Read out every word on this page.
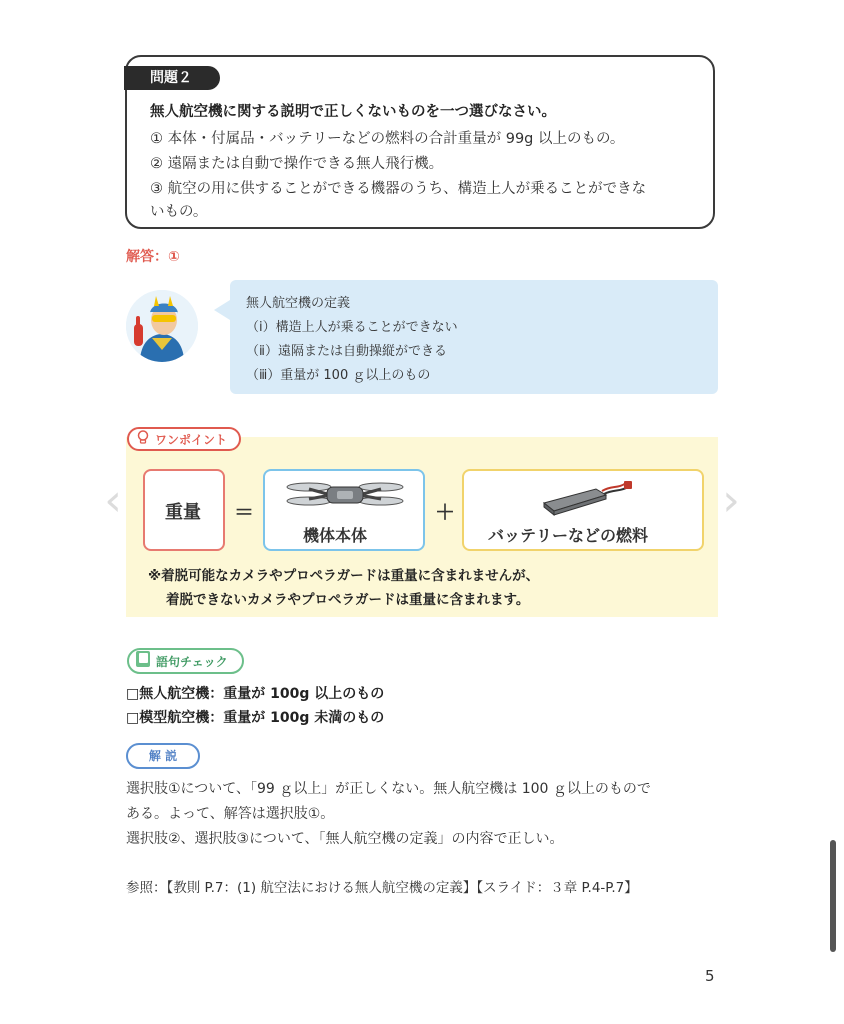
問題２
無人航空機に関する説明で正しくないものを一つ選びなさい。
① 本体・付属品・バッテリーなどの燃料の合計重量が 99g 以上のもの。
② 遠隔または自動で操作できる無人飛行機。
③ 航空の用に供することができる機器のうち、構造上人が乗ることができな
いもの。
解答：①
無人航空機の定義
（ⅰ）構造上人が乗ることができない
（ⅱ）遠隔または自動操縦ができる
（ⅲ）重量が 100 ｇ以上のもの
ワンポイント
重量 ＝
機体本体
＋
バッテリーなどの燃料
※着脱可能なカメラやプロペラガードは重量に含まれませんが、
着脱できないカメラやプロペラガードは重量に含まれます。
‹	›
語句チェック
□無人航空機：重量が 100g 以上のもの
□模型航空機：重量が 100g 未満のもの
解 説
選択肢①について、「99 ｇ以上」が正しくない。無人航空機は 100 ｇ以上のもので
ある。よって、解答は選択肢①。
選択肢②、選択肢③について、「無人航空機の定義」の内容で正しい。
参照：【教則 P.7：(1) 航空法における無人航空機の定義】【スライド：３章 P.4-P.7】
5
